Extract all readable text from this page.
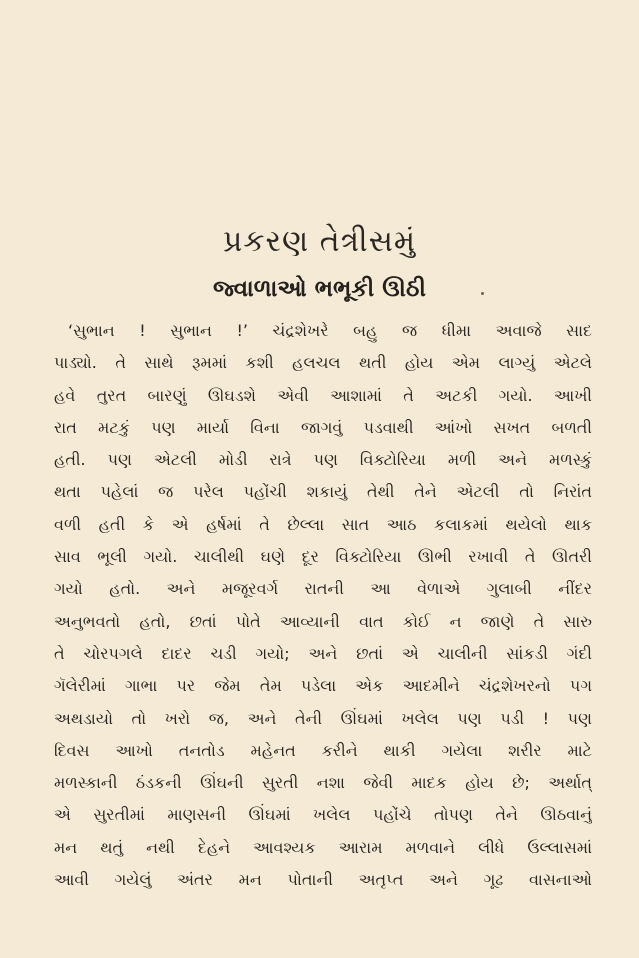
પ્રકરણ તેત્રીસમું
જ્વાળાઓ ભભૂકી ઊઠી
‘સુભાન ! સુભાન !’ ચંદ્રશેખરે બહુ જ ધીમા અવાજે સાદ
પાડ્યો. તે સાથે રૂમમાં કશી હલચલ થતી હોય એમ લાગ્યું એટલે
હવે તુરત બારણું ઊઘડશે એવી આશામાં તે અટકી ગયો. આખી
રાત મટકું પણ માર્યા વિના જાગવું પડવાથી આંખો સખત બળતી
હતી. પણ એટલી મોડી રાત્રે પણ વિક્ટોરિયા મળી અને મળસ્કું
થતા પહેલાં જ પરેલ પહોંચી શકાયું તેથી તેને એટલી તો નિરાંત
વળી હતી કે એ હર્ષમાં તે છેલ્લા સાત આઠ કલાકમાં થયેલો થાક
સાવ ભૂલી ગયો. ચાલીથી ઘણે દૂર વિક્ટોરિયા ઊભી રખાવી તે ઊતરી
ગયો હતો. અને મજૂરવર્ગ રાતની આ વેળાએ ગુલાબી નીંદર
અનુભવતો હતો, છતાં પોતે આવ્યાની વાત કોઈ ન જાણે તે સારુ
તે ચોરપગલે દાદર ચડી ગયો; અને છતાં એ ચાલીની સાંકડી ગંદી
ગૅલેરીમાં ગાભા પર જેમ તેમ પડેલા એક આદમીને ચંદ્રશેખરનો પગ
અથડાયો તો ખરો જ, અને તેની ઊંઘમાં ખલેલ પણ પડી ! પણ
દિવસ આખો તનતોડ મહેનત કરીને થાકી ગયેલા શરીર માટે
મળસ્કાની ઠંડકની ઊંઘની સુરતી નશા જેવી માદક હોય છે; અર્થાત્
એ સુરતીમાં માણસની ઊંઘમાં ખલેલ પહોંચે તોપણ તેને ઊઠવાનું
મન થતું નથી દેહને આવશ્યક આરામ મળવાને લીધે ઉલ્લાસમાં
આવી ગયેલું અંતર મન પોતાની અતૃપ્ત અને ગૂઢ વાસનાઓ
